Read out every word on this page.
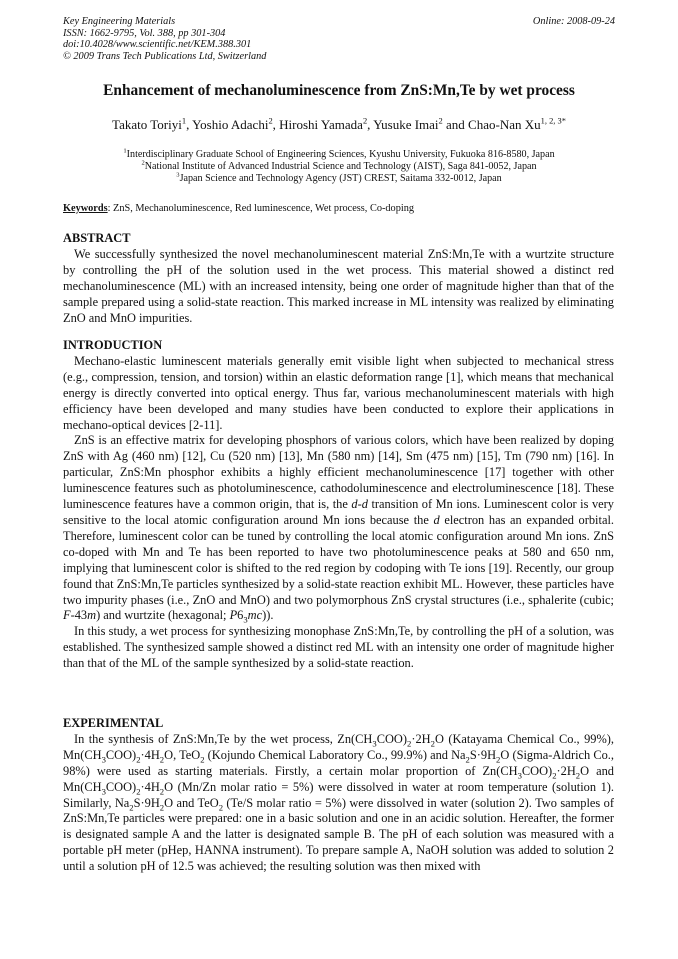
Key Engineering Materials	Online: 2008-09-24
ISSN: 1662-9795, Vol. 388, pp 301-304
doi:10.4028/www.scientific.net/KEM.388.301
© 2009 Trans Tech Publications Ltd, Switzerland
Enhancement of mechanoluminescence from ZnS:Mn,Te by wet process
Takato Toriyi$^1$, Yoshio Adachi$^2$, Hiroshi Yamada$^2$, Yusuke Imai$^2$ and Chao-Nan $Xu^{1, 2, 3*}$
$^1$Interdisciplinary Graduate School of Engineering Sciences, Kyushu University, Fukuoka 816-8580, Japan
$^2$National Institute of Advanced Industrial Science and Technology (AIST), Saga 841-0052, Japan
$^3$Japan Science and Technology Agency (JST) CREST, Saitama 332-0012, Japan
Keywords: ZnS, Mechanoluminescence, Red luminescence, Wet process, Co-doping
ABSTRACT

We successfully synthesized the novel mechanoluminescent material ZnS:Mn,Te with a wurtzite structure by controlling the pH of the solution used in the wet process. This material showed a distinct red mechanoluminescence (ML) with an increased intensity, being one order of magnitude higher than that of the sample prepared using a solid-state reaction. This marked increase in ML intensity was realized by eliminating ZnO and MnO impurities.

INTRODUCTION

Mechano-elastic luminescent materials generally emit visible light when subjected to mechanical stress (e.g., compression, tension, and torsion) within an elastic deformation range [1], which means that mechanical energy is directly converted into optical energy. Thus far, various mechanoluminescent materials with high efficiency have been developed and many studies have been conducted to explore their applications in mechano-optical devices [2-11].

ZnS is an effective matrix for developing phosphors of various colors, which have been realized by doping ZnS with Ag (460 nm) [12], Cu (520 nm) [13], Mn (580 nm) [14], Sm (475 nm) [15], Tm (790 nm) [16]. In particular, ZnS:Mn phosphor exhibits a highly efficient mechanoluminescence [17] together with other luminescence features such as photoluminescence, cathodoluminescence and electroluminescence [18]. These luminescence features have a common origin, that is, the d-d transition of Mn ions. Luminescent color is very sensitive to the local atomic configuration around Mn ions because the d electron has an expanded orbital. Therefore, luminescent color can be tuned by controlling the local atomic configuration around Mn ions. ZnS co-doped with Mn and Te has been reported to have two photoluminescence peaks at 580 and 650 nm, implying that luminescent color is shifted to the red region by codoping with Te ions [19]. Recently, our group found that ZnS:Mn,Te particles synthesized by a solid-state reaction exhibit ML. However, these particles have two impurity phases (i.e., ZnO and MnO) and two polymorphous ZnS crystal structures (i.e., sphalerite (cubic; F-43m) and wurtzite (hexagonal; $P6_3mc$)).

In this study, a wet process for synthesizing monophase ZnS:Mn,Te, by controlling the pH of a solution, was established. The synthesized sample showed a distinct red ML with an intensity one order of magnitude higher than that of the ML of the sample synthesized by a solid-state reaction.

EXPERIMENTAL

In the synthesis of ZnS:Mn,Te by the wet process, $Zn(CH_3COO)_2\cdot 2H_2O$ (Katayama Chemical Co., 99%), $Mn(CH_3COO)_2\cdot 4H_2O$, TeO$_2$ (Kojundo Chemical Laboratory Co., 99.9%) and $Na_2S\cdot 9H_2O$ (Sigma-Aldrich Co., 98%) were used as starting materials. Firstly, a certain molar proportion of $Zn(CH_3COO)_2\cdot 2H_2O$ and $Mn(CH_3COO)_2\cdot 4H_2O$ (Mn/Zn molar ratio = 5%) were dissolved in water at room temperature (solution 1). Similarly, $Na_2S\cdot 9H_2O$ and TeO$_2$ (Te/S molar ratio = 5%) were dissolved in water (solution 2). Two samples of ZnS:Mn,Te particles were prepared: one in a basic solution and one in an acidic solution. Hereafter, the former is designated sample A and the latter is designated sample B. The pH of each solution was measured with a portable pH meter (pHep, HANNA instrument). To prepare sample A, NaOH solution was added to solution 2 until a solution pH of 12.5 was achieved; the resulting solution was then mixed with
